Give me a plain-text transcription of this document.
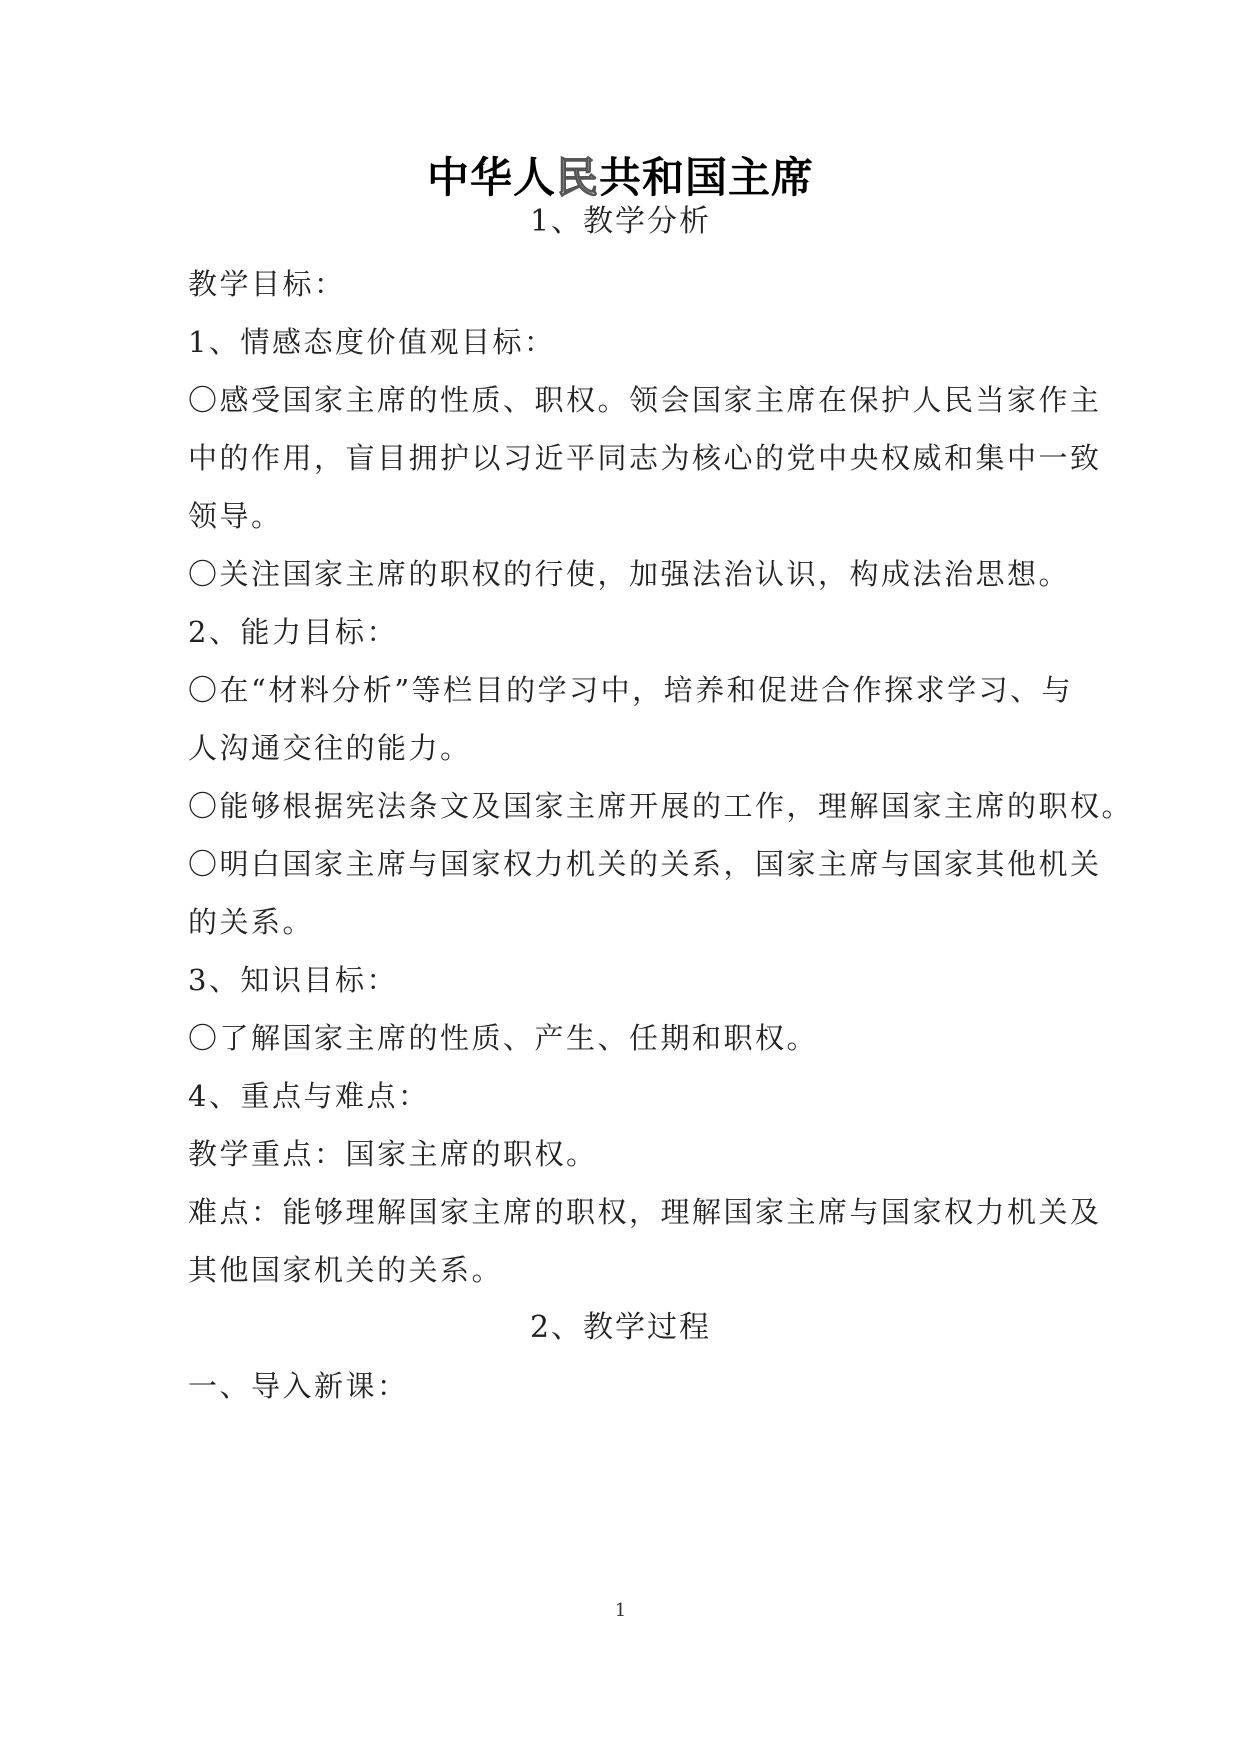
中华人民共和国主席
1、教学分析
教学目标：
1、情感态度价值观目标：
〇感受国家主席的性质、职权。领会国家主席在保护人民当家作主
中的作用，盲目拥护以习近平同志为核心的党中央权威和集中一致
领导。
〇关注国家主席的职权的行使，加强法治认识，构成法治思想。
2、能力目标：
〇在“材料分析”等栏目的学习中，培养和促进合作探求学习、与
人沟通交往的能力。
〇能够根据宪法条文及国家主席开展的工作，理解国家主席的职权。
〇明白国家主席与国家权力机关的关系，国家主席与国家其他机关
的关系。
3、知识目标：
〇了解国家主席的性质、产生、任期和职权。
4、重点与难点：
教学重点：国家主席的职权。
难点：能够理解国家主席的职权，理解国家主席与国家权力机关及
其他国家机关的关系。
2、教学过程
一、导入新课：
1
